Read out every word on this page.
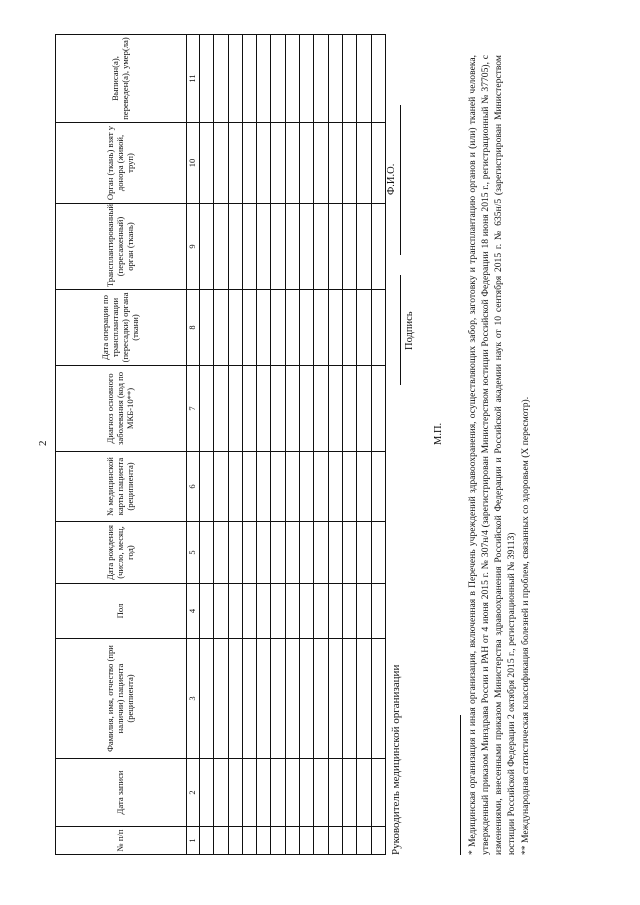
2
№ п/п	Дата записи	Фамилия, имя, отчество (при наличии) пациента (реципиента)	Пол	Дата рождения (число, месяц, год)	№ медицинской карты пациента (реципиента)	Диагноз основного заболевания (код по МКБ-10**)	Дата операции по трансплантации (пересадки) органа (ткани)	Трансплантированный (пересаженный) орган (ткань)	Орган (ткань) взят у донора (живой, труп)	Выписан(а), переведен(а), умер(ла)
1	2	3	4	5	6	7	8	9	10	11

Руководитель медицинской организации
Подпись
Ф.И.О.
М.П. * Медицинская организация и иная организация, включенная в Перечень учреждений здравоохранения, осуществляющих забор, заготовку и трансплантацию органов и (или) тканей человека, утвержденный приказом Минздрава России и РАН от 4 июня 2015 г. № 307н/4 (зарегистрирован Министерством юстиции Российской Федерации 18 июня 2015 г., регистрационный № 37705), с изменениями, внесенными приказом Министерства здравоохранения Российской Федерации и Российской академии наук от 10 сентября 2015 г. № 635н/5 (зарегистрирован Министерством юстиции Российской Федерации 2 октября 2015 г., регистрационный № 39113) ** Международная статистическая классификация болезней и проблем, связанных со здоровьем (X пересмотр).
